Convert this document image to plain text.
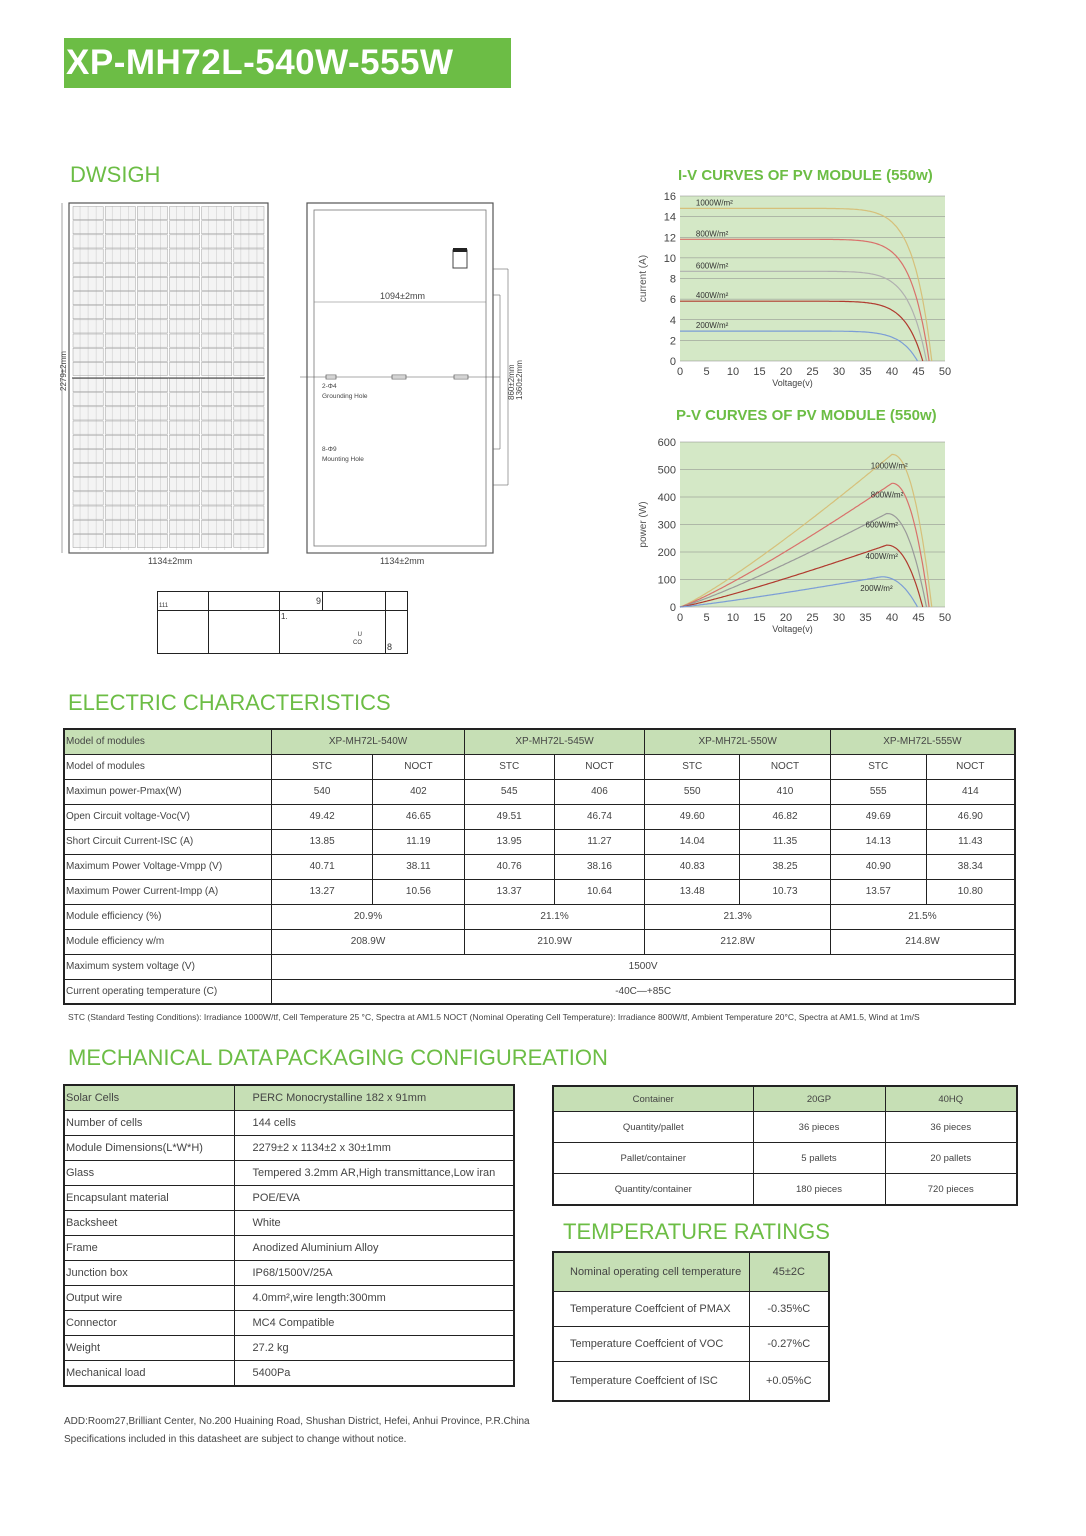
XP-MH72L-540W-555W
DWSIGH
2279±2mm
1134±2mm
1094±2mm
860±2mm 1360±2mm
2-Φ4
Grounding Hole
8-Φ9
Mounting Hole
1134±2mm
111		9		
		1.
U
CO		8
I-V CURVES OF PV MODULE (550w)
0
2
4
6
8
10
12
14
16
0 5 10 15 20 25 30 35 40 45 50
Voltage(v)
current (A)
1000W/m²
800W/m²
600W/m²
400W/m²
200W/m²
P-V CURVES OF PV MODULE (550w)
0
100
200
300
400
500
600
0 5 10 15 20 25 30 35 40 45 50
Voltage(v)
power (W)
1000W/m²
800W/m²
600W/m²
400W/m²
200W/m²
ELECTRIC CHARACTERISTICS
Model of modules	XP-MH72L-540W		XP-MH72L-545W		XP-MH72L-550W		XP-MH72L-555W	
Model of modules	STC	NOCT	STC	NOCT	STC	NOCT	STC	NOCT
Maximun power-Pmax(W)	540	402	545	406	550	410	555	414
Open Circuit voltage-Voc(V)	49.42	46.65	49.51	46.74	49.60	46.82	49.69	46.90
Short Circuit Current-ISC (A)	13.85	11.19	13.95	11.27	14.04	11.35	14.13	11.43
Maximum Power Voltage-Vmpp (V)	40.71	38.11	40.76	38.16	40.83	38.25	40.90	38.34
Maximum Power Current-Impp (A)	13.27	10.56	13.37	10.64	13.48	10.73	13.57	10.80
Module efficiency (%)	20.9%		21.1%		21.3%		21.5%	
Module efficiency w/m	208.9W		210.9W		212.8W		214.8W	
Maximum system voltage (V)	1500V							
Current operating temperature (C)	-40C—+85C							
STC (Standard Testing Conditions): Irradiance 1000W/tf, Cell Temperature 25 °C, Spectra at AM1.5 NOCT (Nominal Operating Cell Temperature): Irradiance 800W/tf, Ambient Temperature 20°C, Spectra at AM1.5, Wind at 1m/S
MECHANICAL DATA PACKAGING CONFIGUREATION
Solar Cells	PERC Monocrystalline 182 x 91mm
Number of cells	144 cells
Module Dimensions(L*W*H)	2279±2 x 1134±2 x 30±1mm
Glass	Tempered 3.2mm AR,High transmittance,Low iran
Encapsulant material	POE/EVA
Backsheet	White
Frame	Anodized Aluminium Alloy
Junction box	IP68/1500V/25A
Output wire	4.0mm²,wire length:300mm
Connector	MC4 Compatible
Weight	27.2 kg
Mechanical load	5400Pa
Container	20GP	40HQ
Quantity/pallet	36 pieces	36 pieces
Pallet/container	5 pallets	20 pallets
Quantity/container	180 pieces	720 pieces
TEMPERATURE RATINGS
Nominal operating cell temperature	45±2C
Temperature Coeffcient of PMAX	-0.35%C
Temperature Coeffcient of VOC	-0.27%C
Temperature Coeffcient of ISC	+0.05%C
ADD:Room27,Brilliant Center, No.200 Huaining Road, Shushan District, Hefei, Anhui Province, P.R.China
Specifications included in this datasheet are subject to change without notice.
